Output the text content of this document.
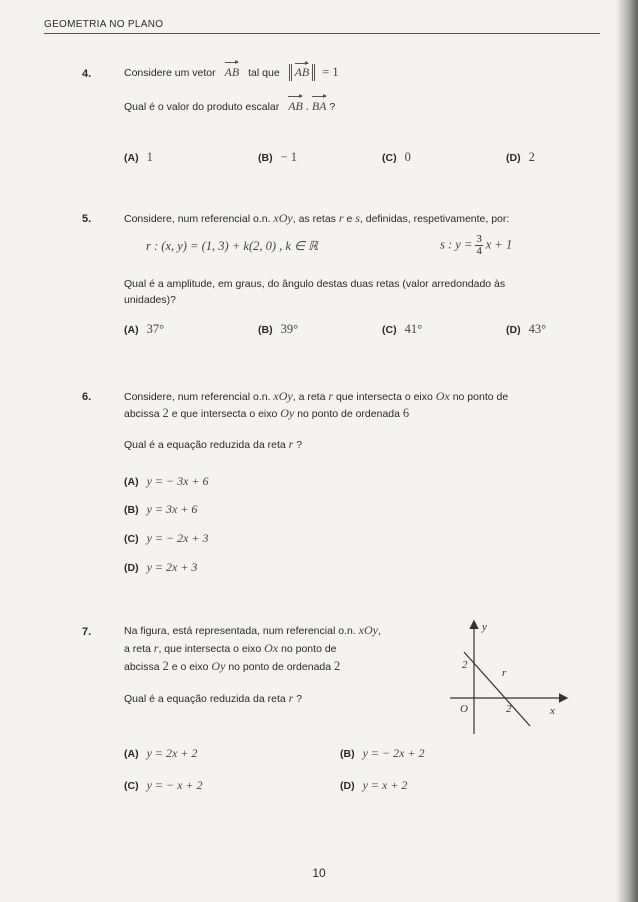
GEOMETRIA NO PLANO
4.	Considere um vetor AB tal que AB = 1
Qual é o valor do produto escalar AB . BA ?
(A) 1	(B) − 1	(C) 0	(D) 2
5.	Considere, num referencial o.n. xOy, as retas r e s, definidas, respetivamente, por:
r : (x, y) = (1, 3) + k(2, 0) , k ∈ ℝ	s : $y = \frac{3}{4}$ x + 1
Qual é a amplitude, em graus, do ângulo destas duas retas (valor arredondado às
unidades)?
(A) 37°	(B) 39°	(C) 41°	(D) 43°
6.	Considere, num referencial o.n. xOy, a reta r que intersecta o eixo Ox no ponto de
abcissa 2 e que intersecta o eixo Oy no ponto de ordenada 6
Qual é a equação reduzida da reta r ?
(A) y = − 3x + 6
(B) y = 3x + 6
(C) y = − 2x + 3
(D) y = 2x + 3
7.	Na figura, está representada, num referencial o.n. xOy,
a reta r, que intersecta o eixo Ox no ponto de
abcissa 2 e o eixo Oy no ponto de ordenada 2
Qual é a equação reduzida da reta r ?
y
x
O
2
2
r
(A) y = 2x + 2	(B) y = − 2x + 2
(C) y = − x + 2	(D) y = x + 2
10
